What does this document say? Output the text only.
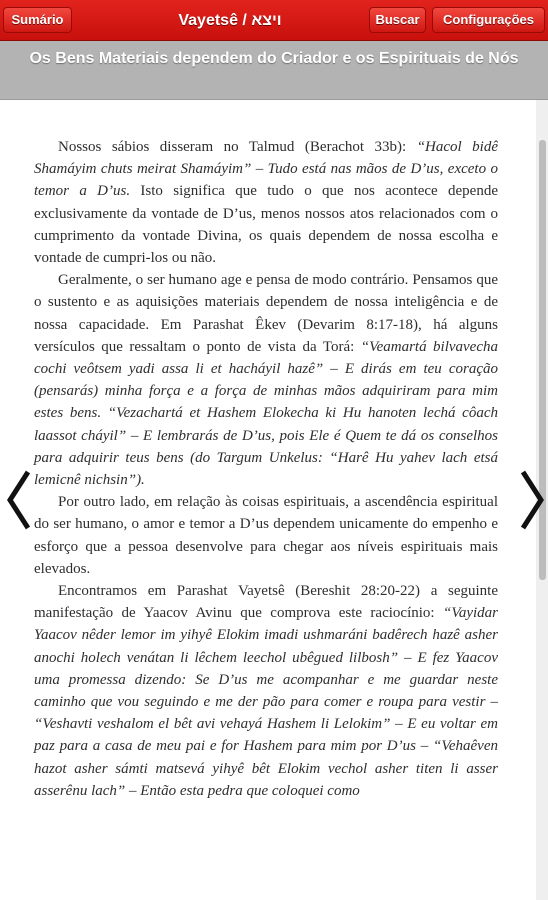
Sumário	Vayetsê / ויצא	Buscar	Configurações
Os Bens Materiais dependem do Criador e os Espirituais de Nós

Nossos sábios disseram no Talmud (Berachot 33b): “Hacol bidê Shamáyim chuts meirat Shamáyim” – Tudo está nas mãos de D’us, exceto o temor a D’us. Isto significa que tudo o que nos acontece depende exclusivamente da vontade de D’us, menos nossos atos relacionados com o cumprimento da vontade Divina, os quais dependem de nossa escolha e vontade de cumpri-los ou não.

Geralmente, o ser humano age e pensa de modo contrário. Pensamos que o sustento e as aquisições materiais dependem de nossa inteligência e de nossa capacidade. Em Parashat Êkev (Devarim 8:17-18), há alguns versículos que ressaltam o ponto de vista da Torá: “Veamartá bilvavecha cochi veôtsem yadi assa li et hacháyil hazê” – E dirás em teu coração (pensarás) minha força e a força de minhas mãos adquiriram para mim estes bens. “Vezachartá et Hashem Elokecha ki Hu hanoten lechá côach laassot cháyil” – E lembrarás de D’us, pois Ele é Quem te dá os conselhos para adquirir teus bens (do Targum Unkelus: “Harê Hu yahev lach etsá lemicnê nichsin”).

Por outro lado, em relação às coisas espirituais, a ascendência espiritual do ser humano, o amor e temor a D’us dependem unicamente do empenho e esforço que a pessoa desenvolve para chegar aos níveis espirituais mais elevados.

Encontramos em Parashat Vayetsê (Bereshit 28:20-22) a seguinte manifestação de Yaacov Avinu que comprova este raciocínio: “Vayidar Yaacov nêder lemor im yihyê Elokim imadi ushmaráni badêrech hazê asher anochi holech venátan li lêchem leechol ubêgued lilbosh” – E fez Yaacov uma promessa dizendo: Se D’us me acompanhar e me guardar neste caminho que vou seguindo e me der pão para comer e roupa para vestir – “Veshavti veshalom el bêt avi vehayá Hashem li Lelokim” – E eu voltar em paz para a casa de meu pai e for Hashem para mim por D’us – “Vehaêven hazot asher sámti matsevá yihyê bêt Elokim vechol asher titen li asser asserênu lach” – Então esta pedra que coloquei como
